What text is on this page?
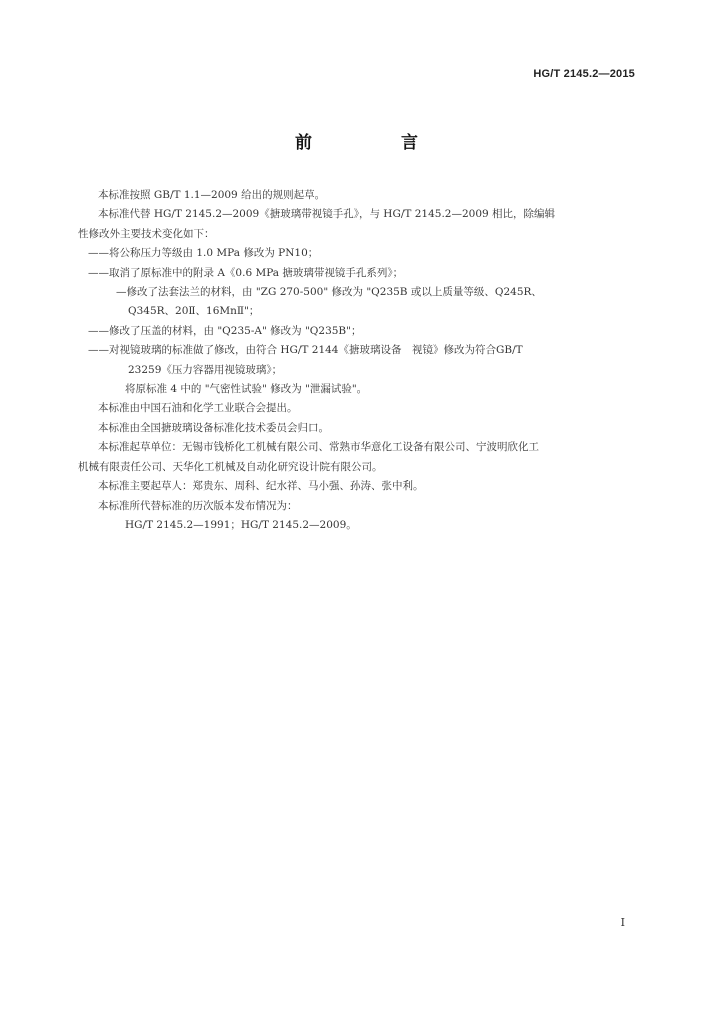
HG/T 2145.2—2015
前　言

本标准按照 GB/T 1.1—2009 给出的规则起草。

本标准代替 HG/T 2145.2—2009《搪玻璃带视镜手孔》，与 HG/T 2145.2—2009 相比，除编辑
性修改外主要技术变化如下：

——将公称压力等级由 1.0 MPa 修改为 PN10；

——取消了原标准中的附录 A《0.6 MPa 搪玻璃带视镜手孔系列》；

—修改了法套法兰的材料，由 "ZG 270-500" 修改为 "Q235B 或以上质量等级、Q245R、
Q345R、20Ⅱ、16MnⅡ"；

——修改了压盖的材料，由 "Q235-A" 修改为 "Q235B"；

——对视镜玻璃的标准做了修改，由符合 HG/T 2144《搪玻璃设备　视镜》修改为符合GB/T
23259《压力容器用视镜玻璃》；

将原标准 4 中的 "气密性试验" 修改为 "泄漏试验"。

本标准由中国石油和化学工业联合会提出。

本标准由全国搪玻璃设备标准化技术委员会归口。

本标准起草单位：无锡市钱桥化工机械有限公司、常熟市华意化工设备有限公司、宁波明欣化工
机械有限责任公司、天华化工机械及自动化研究设计院有限公司。

本标准主要起草人：郑贵东、周科、纪水祥、马小强、孙涛、张中利。

本标准所代替标准的历次版本发布情况为：

HG/T 2145.2—1991；HG/T 2145.2—2009。

I
